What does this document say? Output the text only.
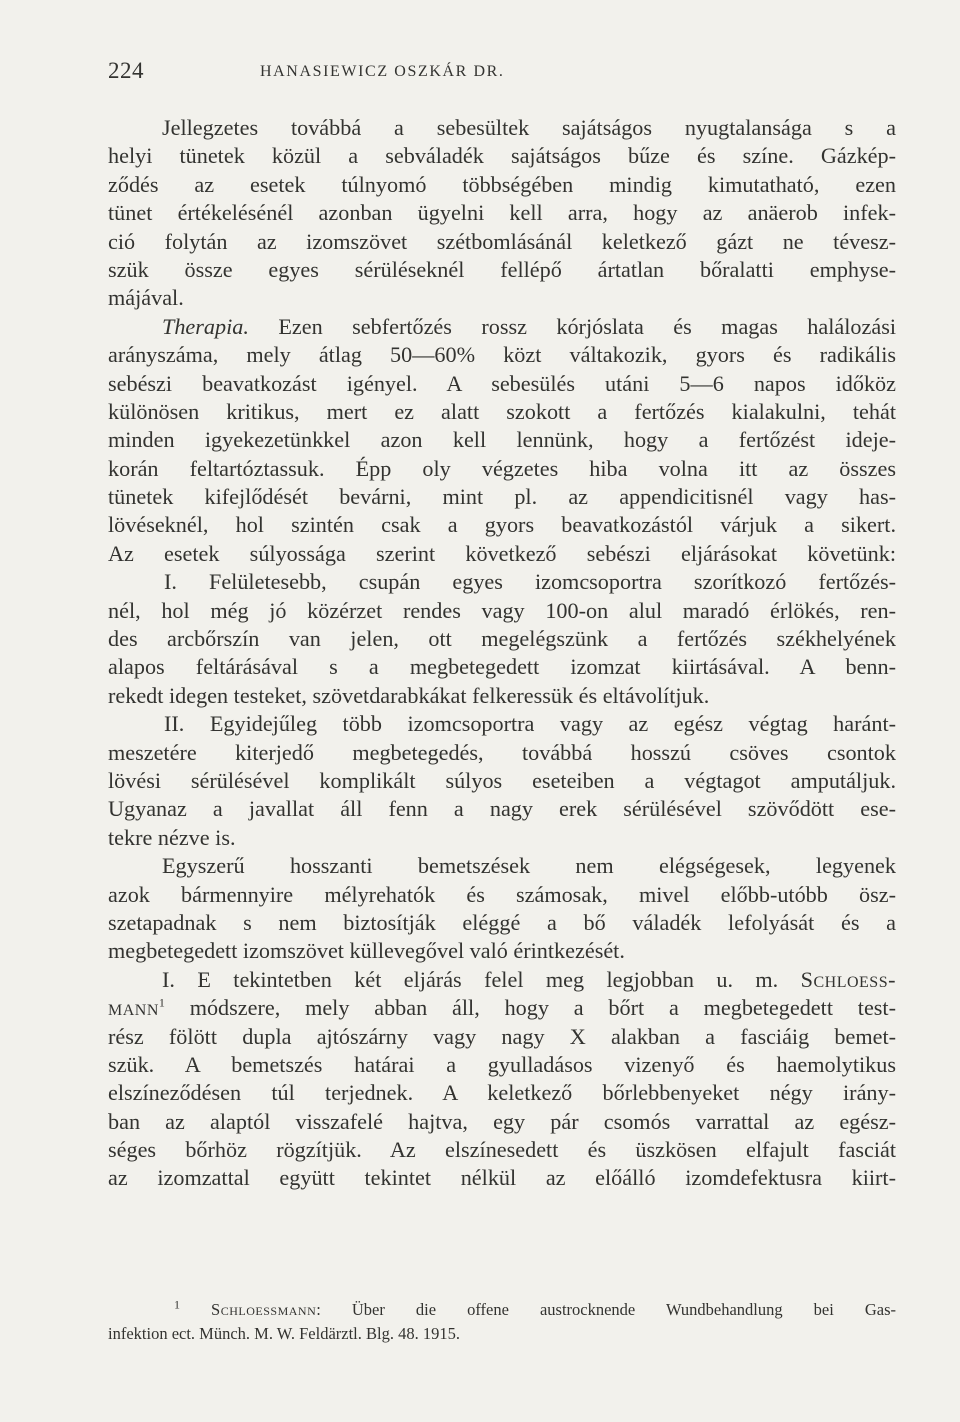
224	HANASIEWICZ OSZKÁR DR.
Jellegzetes továbbá a sebesültek sajátságos nyugtalansága s a
helyi tünetek közül a sebváladék sajátságos bűze és színe. Gázkép-
ződés az esetek túlnyomó többségében mindig kimutatható, ezen
tünet értékelésénél azonban ügyelni kell arra, hogy az anäerob infek-
ció folytán az izomszövet szétbomlásánál keletkező gázt ne tévesz-
szük össze egyes sérüléseknél fellépő ártatlan bőralatti emphyse-
májával.
Therapia. Ezen sebfertőzés rossz kórjóslata és magas halálozási
arányszáma, mely átlag 50—60% közt váltakozik, gyors és radikális
sebészi beavatkozást igényel. A sebesülés utáni 5—6 napos időköz
különösen kritikus, mert ez alatt szokott a fertőzés kialakulni, tehát
minden igyekezetünkkel azon kell lennünk, hogy a fertőzést ideje-
korán feltartóztassuk. Épp oly végzetes hiba volna itt az összes
tünetek kifejlődését bevárni, mint pl. az appendicitisnél vagy has-
lövéseknél, hol szintén csak a gyors beavatkozástól várjuk a sikert.
Az esetek súlyossága szerint következő sebészi eljárásokat követünk:
I. Felületesebb, csupán egyes izomcsoportra szorítkozó fertőzés-
nél, hol még jó közérzet rendes vagy 100-on alul maradó érlökés, ren-
des arcbőrszín van jelen, ott megelégszünk a fertőzés székhelyének
alapos feltárásával s a megbetegedett izomzat kiirtásával. A benn-
rekedt idegen testeket, szövetdarabkákat felkeressük és eltávolítjuk.
II. Egyidejűleg több izomcsoportra vagy az egész végtag haránt-
meszetére kiterjedő megbetegedés, továbbá hosszú csöves csontok
lövési sérülésével komplikált súlyos eseteiben a végtagot amputáljuk.
Ugyanaz a javallat áll fenn a nagy erek sérülésével szövődött ese-
tekre nézve is.
Egyszerű hosszanti bemetszések nem elégségesek, legyenek
azok bármennyire mélyrehatók és számosak, mivel előbb-utóbb ösz-
szetapadnak s nem biztosítják eléggé a bő váladék lefolyását és a
megbetegedett izomszövet küllevegővel való érintkezését.
I. E tekintetben két eljárás felel meg legjobban u. m. Schloess-
mann$^1$ módszere, mely abban áll, hogy a bőrt a megbetegedett test-
rész fölött dupla ajtószárny vagy nagy X alakban a fasciáig bemet-
szük. A bemetszés határai a gyulladásos vizenyő és haemolytikus
elszíneződésen túl terjednek. A keletkező bőrlebbenyeket négy irány-
ban az alaptól visszafelé hajtva, egy pár csomós varrattal az egész-
séges bőrhöz rögzítjük. Az elszínesedett és üszkösen elfajult fasciát
az izomzattal együtt tekintet nélkül az előálló izomdefektusra kiirt-
$^1$ Schloessmann: Über die offene austrocknende Wundbehandlung bei Gas-
infektion ect. Münch. M. W. Feldärztl. Blg. 48. 1915.
